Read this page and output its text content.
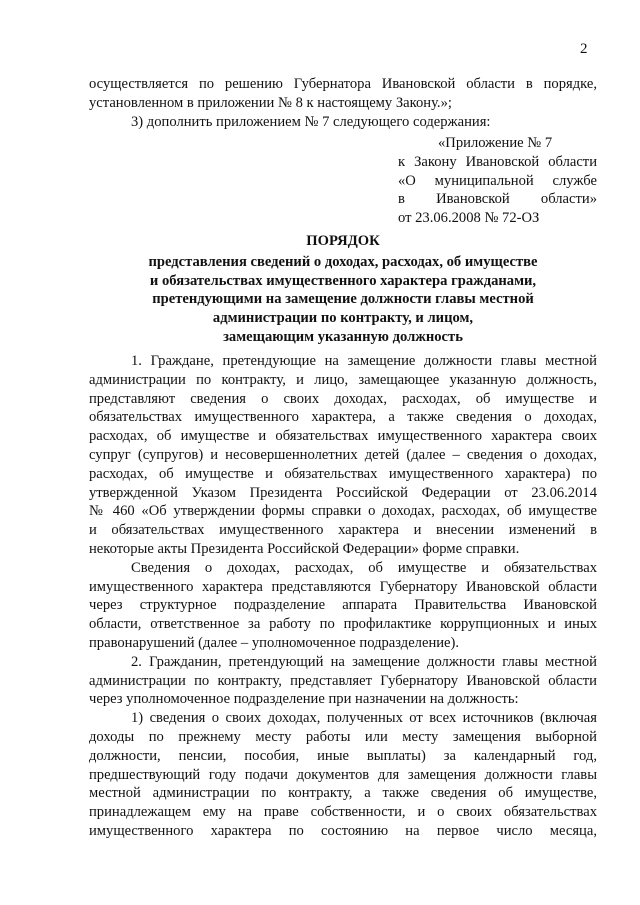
2
осуществляется по решению Губернатора Ивановской области в порядке,
установленном в приложении № 8 к настоящему Закону.»;
3) дополнить приложением № 7 следующего содержания:
«Приложение № 7
к Закону Ивановской области
«О муниципальной службе
в Ивановской области»
от 23.06.2008 № 72-ОЗ
ПОРЯДОК
представления сведений о доходах, расходах, об имуществе
и обязательствах имущественного характера гражданами,
претендующими на замещение должности главы местной
администрации по контракту, и лицом,
замещающим указанную должность
1. Граждане, претендующие на замещение должности главы местной
администрации по контракту, и лицо, замещающее указанную должность,
представляют сведения о своих доходах, расходах, об имуществе и
обязательствах имущественного характера, а также сведения о доходах,
расходах, об имуществе и обязательствах имущественного характера своих
супруг (супругов) и несовершеннолетних детей (далее – сведения о доходах,
расходах, об имуществе и обязательствах имущественного характера) по
утвержденной Указом Президента Российской Федерации от 23.06.2014
№ 460 «Об утверждении формы справки о доходах, расходах, об имуществе
и обязательствах имущественного характера и внесении изменений в
некоторые акты Президента Российской Федерации» форме справки.
Сведения о доходах, расходах, об имуществе и обязательствах
имущественного характера представляются Губернатору Ивановской области
через структурное подразделение аппарата Правительства Ивановской
области, ответственное за работу по профилактике коррупционных и иных
правонарушений (далее – уполномоченное подразделение).
2. Гражданин, претендующий на замещение должности главы местной
администрации по контракту, представляет Губернатору Ивановской области
через уполномоченное подразделение при назначении на должность:
1) сведения о своих доходах, полученных от всех источников (включая
доходы по прежнему месту работы или месту замещения выборной
должности, пенсии, пособия, иные выплаты) за календарный год,
предшествующий году подачи документов для замещения должности главы
местной администрации по контракту, а также сведения об имуществе,
принадлежащем ему на праве собственности, и о своих обязательствах
имущественного характера по состоянию на первое число месяца,
